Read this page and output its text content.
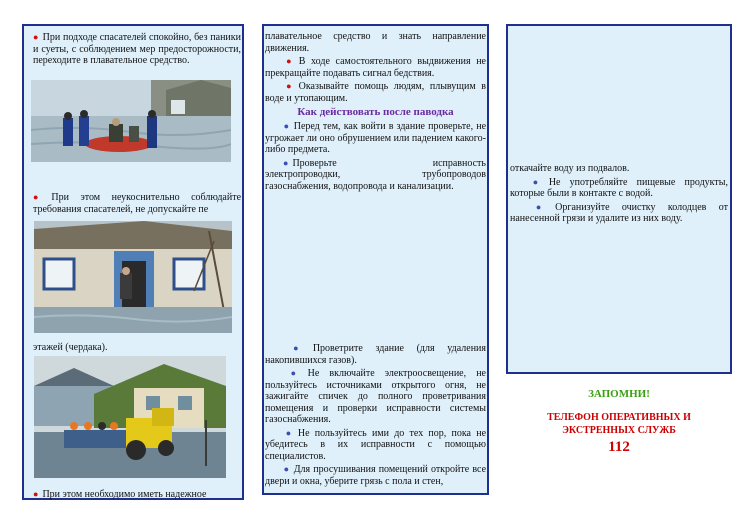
● При подходе спасателей спокойно, без паники и суеты, с соблюдением мер предосторожности, переходите в плавательное средство.

● При этом неукоснительно соблюдайте требования спасателей, не допускайте пе

этажей (чердака).

● При этом необходимо иметь надежное

плавательное средство и знать направление движения.

● В ходе самостоятельного выдвижения не прекращайте подавать сигнал бедствия.

● Оказывайте помощь людям, плывущим в воде и утопающим.

Как действовать после паводка

● Перед тем, как войти в здание проверьте, не угрожает ли оно обрушением или падением какого-либо предмета.

● Проверьте	исправность
электропроводки,	трубопроводов
газоснабжения, водопровода и канализации.

● Проветрите здание (для удаления накопившихся газов).

● Не включайте электроосвещение, не пользуйтесь источниками открытого огня, не зажигайте спичек до полного проветривания помещения и проверки исправности системы газоснабжения.

● Не пользуйтесь ими до тех пор, пока не убедитесь в их исправности с помощью специалистов.

● Для просушивания помещений откройте все двери и окна, уберите грязь с пола и стен,

откачайте воду из подвалов.

● Не употребляйте пищевые продукты, которые были в контакте с водой.

● Организуйте очистку колодцев от нанесенной грязи и удалите из них воду.

ЗАПОМНИ!
ТЕЛЕФОН ОПЕРАТИВНЫХ И
ЭКСТРЕННЫХ СЛУЖБ
112
